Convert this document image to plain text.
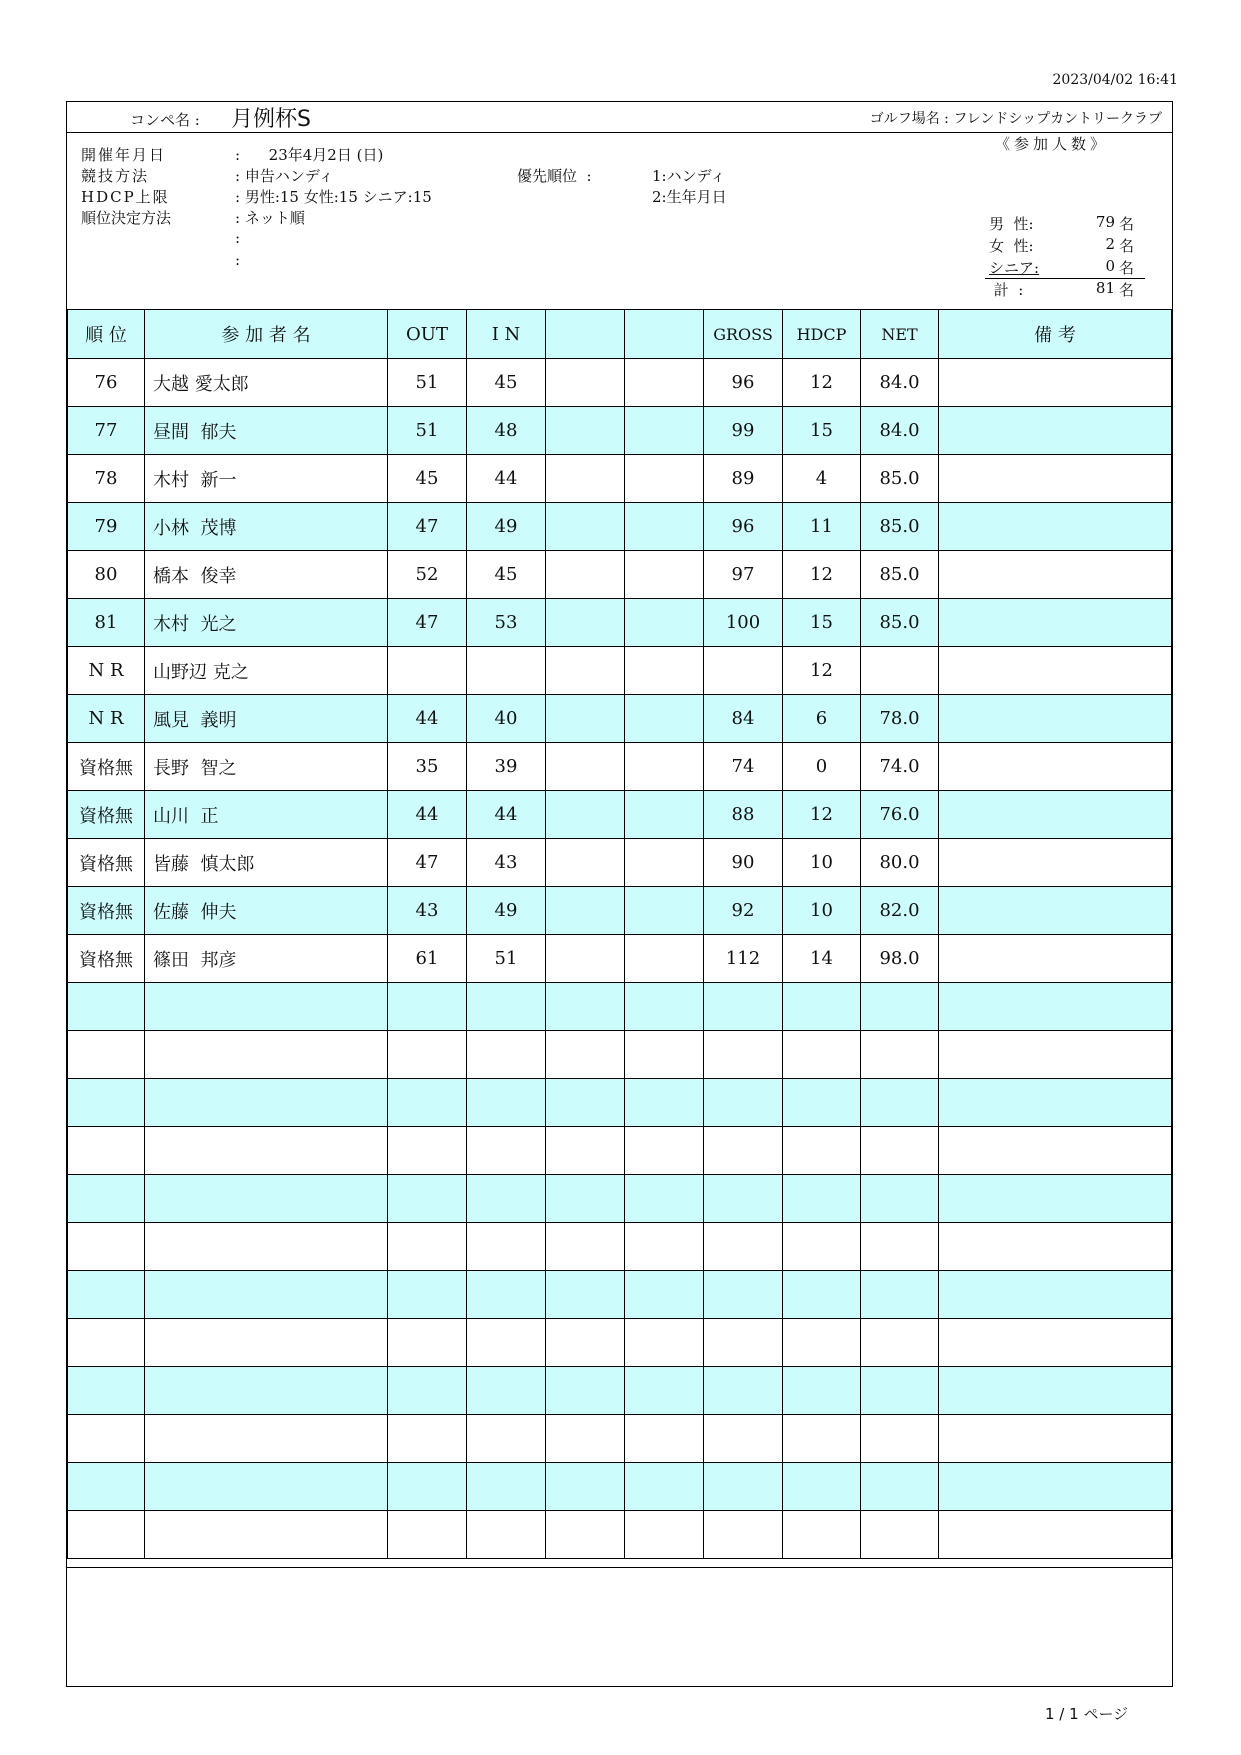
2023/04/02 16:41
コンペ名 : 月例杯S	ゴルフ場名 : フレンドシップカントリークラブ
開催年月日	:      23年4月2日 (日)
競技方法	: 申告ハンディ
HDCP上限	: 男性:15 女性:15 シニア:15
順位決定方法	: ネット順
:
:
優先順位  :	1:ハンディ
2:生年月日
《参加人数》
男  性:	79 名
女  性:	2 名
シニア:	0 名
計  :	81 名
順 位	参 加 者 名	OUT	I N			GROSS	HDCP	NET	備 考
76	大越 愛太郎	51	45			96	12	84.0	
77	昼間  郁夫	51	48			99	15	84.0	
78	木村  新一	45	44			89	4	85.0	
79	小林  茂博	47	49			96	11	85.0	
80	橋本  俊幸	52	45			97	12	85.0	
81	木村  光之	47	53			100	15	85.0	
N R	山野辺 克之						12		
N R	風見  義明	44	40			84	6	78.0	
資格無	長野  智之	35	39			74	0	74.0	
資格無	山川  正	44	44			88	12	76.0	
資格無	皆藤  慎太郎	47	43			90	10	80.0	
資格無	佐藤  伸夫	43	49			92	10	82.0	
資格無	篠田  邦彦	61	51			112	14	98.0	

1 / 1 ページ
